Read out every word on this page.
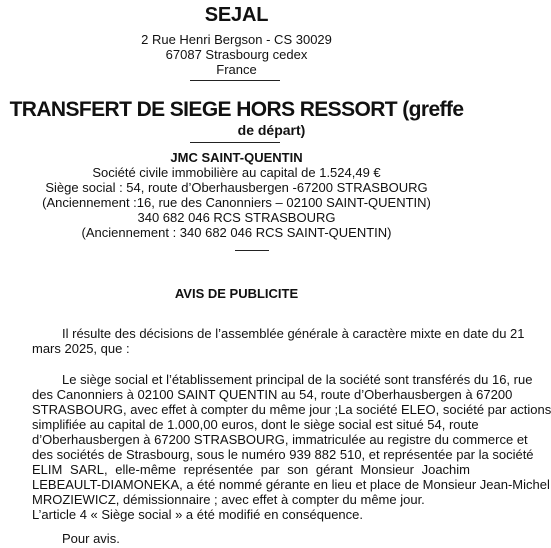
SEJAL
2 Rue Henri Bergson - CS 30029
67087 Strasbourg cedex
France
TRANSFERT DE SIEGE HORS RESSORT (greffe
de départ)
JMC SAINT-QUENTIN
Société civile immobilière au capital de 1.524,49 €
Siège social : 54, route d’Oberhausbergen -67200 STRASBOURG
(Anciennement :16, rue des Canonniers – 02100 SAINT-QUENTIN)
340 682 046 RCS STRASBOURG
(Anciennement : 340 682 046 RCS SAINT-QUENTIN)
AVIS DE PUBLICITE
Il résulte des décisions de l’assemblée générale à caractère mixte en date du 21
mars 2025, que :
Le siège social et l’établissement principal de la société sont transférés du 16, rue
des Canonniers à 02100 SAINT QUENTIN au 54, route d’Oberhausbergen à 67200
STRASBOURG, avec effet à compter du même jour ;La société ELEO, société par actions
simplifiée au capital de 1.000,00 euros, dont le siège social est situé 54, route
d’Oberhausbergen à 67200 STRASBOURG, immatriculée au registre du commerce et
des sociétés de Strasbourg, sous le numéro 939 882 510, et représentée par la société
ELIM SARL, elle-même représentée par son gérant Monsieur Joachim
LEBEAULT-DIAMONEKA, a été nommé gérante en lieu et place de Monsieur Jean-Michel
MROZIEWICZ, démissionnaire ; avec effet à compter du même jour.
L’article 4 « Siège social » a été modifié en conséquence.
Pour avis.
